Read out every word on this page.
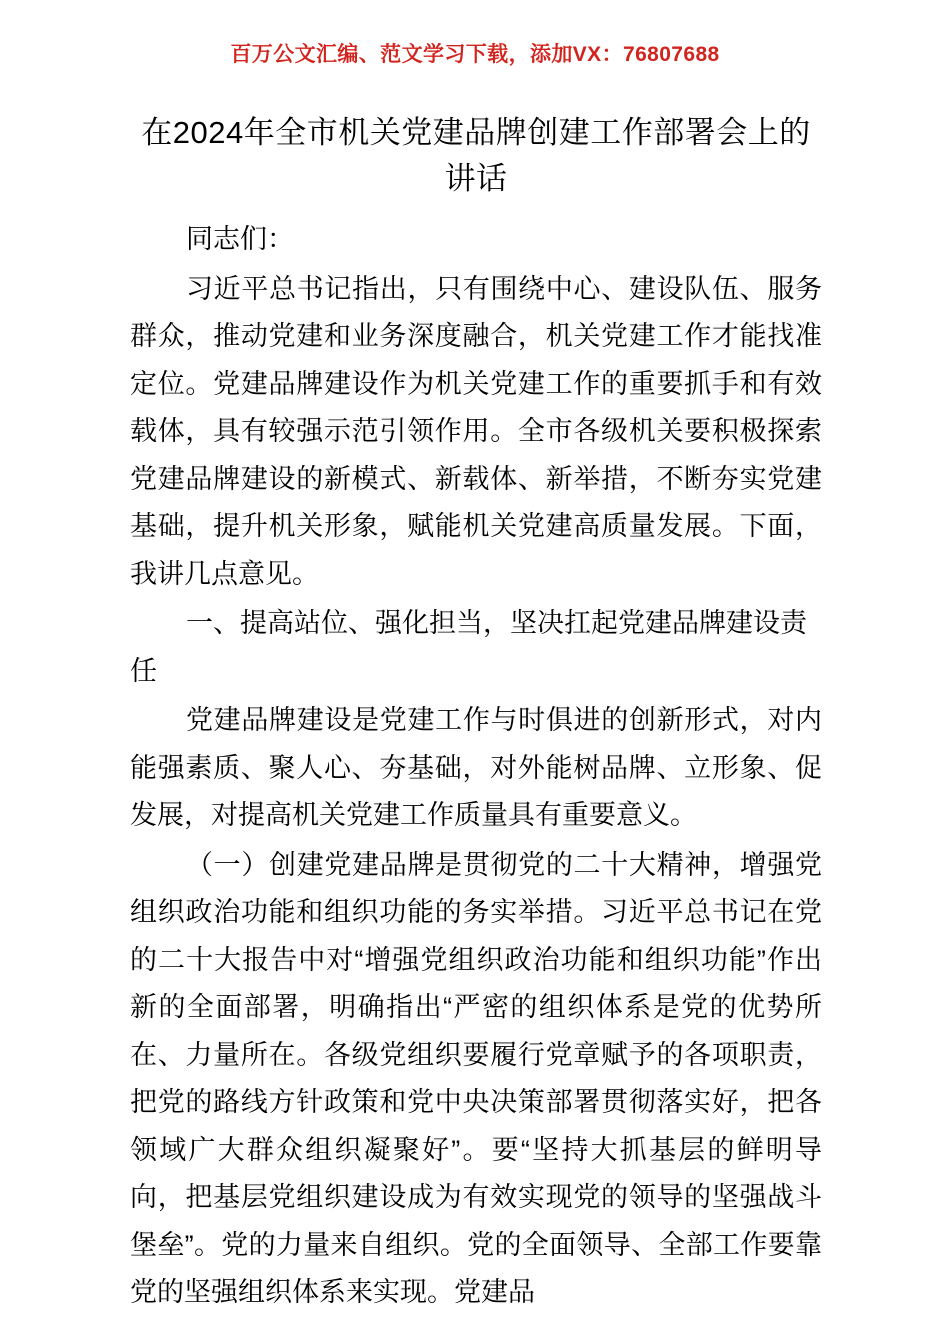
百万公文汇编、范文学习下载，添加VX：76807688
在2024年全市机关党建品牌创建工作部署会上的讲话

同志们：

习近平总书记指出，只有围绕中心、建设队伍、服务群众，推动党建和业务深度融合，机关党建工作才能找准定位。党建品牌建设作为机关党建工作的重要抓手和有效载体，具有较强示范引领作用。全市各级机关要积极探索党建品牌建设的新模式、新载体、新举措，不断夯实党建基础，提升机关形象，赋能机关党建高质量发展。下面，我讲几点意见。

一、提高站位、强化担当，坚决扛起党建品牌建设责任

党建品牌建设是党建工作与时俱进的创新形式，对内能强素质、聚人心、夯基础，对外能树品牌、立形象、促发展，对提高机关党建工作质量具有重要意义。

（一）创建党建品牌是贯彻党的二十大精神，增强党组织政治功能和组织功能的务实举措。习近平总书记在党的二十大报告中对“增强党组织政治功能和组织功能”作出新的全面部署，明确指出“严密的组织体系是党的优势所在、力量所在。各级党组织要履行党章赋予的各项职责，把党的路线方针政策和党中央决策部署贯彻落实好，把各领域广大群众组织凝聚好”。要“坚持大抓基层的鲜明导向，把基层党组织建设成为有效实现党的领导的坚强战斗堡垒”。党的力量来自组织。党的全面领导、全部工作要靠党的坚强组织体系来实现。党建品
